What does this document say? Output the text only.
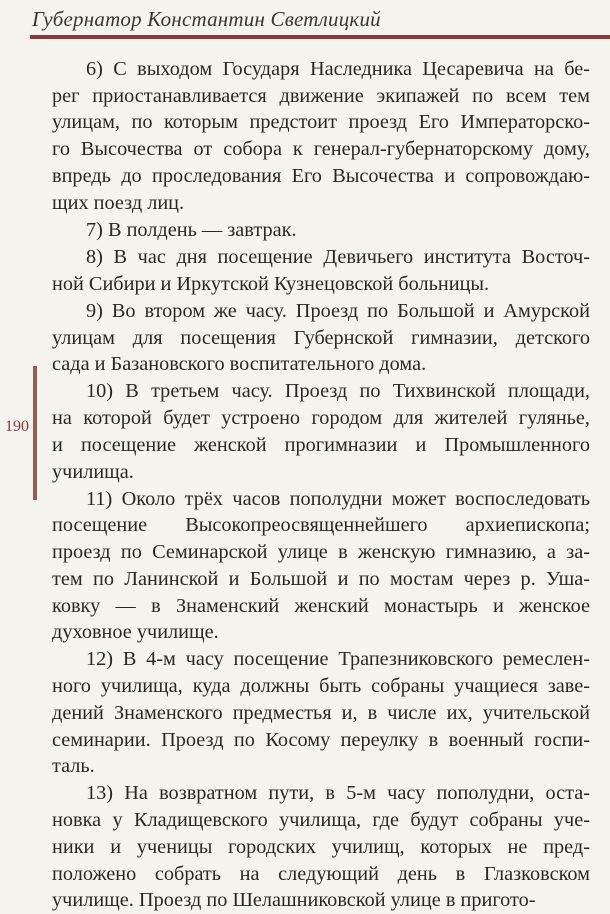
Губернатор Константин Светлицкий
190
6) С выходом Государя Наследника Цесаревича на бе-
рег приостанавливается движение экипажей по всем тем
улицам, по которым предстоит проезд Его Императорско-
го Высочества от собора к генерал-губернаторскому дому,
впредь до проследования Его Высочества и сопровождаю-
щих поезд лиц.
7) В полдень — завтрак.
8) В час дня посещение Девичьего института Восточ-
ной Сибири и Иркутской Кузнецовской больницы.
9) Во втором же часу. Проезд по Большой и Амурской
улицам для посещения Губернской гимназии, детского
сада и Базановского воспитательного дома.
10) В третьем часу. Проезд по Тихвинской площади,
на которой будет устроено городом для жителей гулянье,
и посещение женской прогимназии и Промышленного
училища.
11) Около трёх часов пополудни может воспоследовать
посещение Высокопреосвященнейшего архиепископа;
проезд по Семинарской улице в женскую гимназию, а за-
тем по Ланинской и Большой и по мостам через р. Уша-
ковку — в Знаменский женский монастырь и женское
духовное училище.
12) В 4-м часу посещение Трапезниковского ремеслен-
ного училища, куда должны быть собраны учащиеся заве-
дений Знаменского предместья и, в числе их, учительской
семинарии. Проезд по Косому переулку в военный госпи-
таль.
13) На возвратном пути, в 5-м часу пополудни, оста-
новка у Кладищевского училища, где будут собраны уче-
ники и ученицы городских училищ, которых не пред-
положено собрать на следующий день в Глазковском
училище. Проезд по Шелашниковской улице в пригото-
